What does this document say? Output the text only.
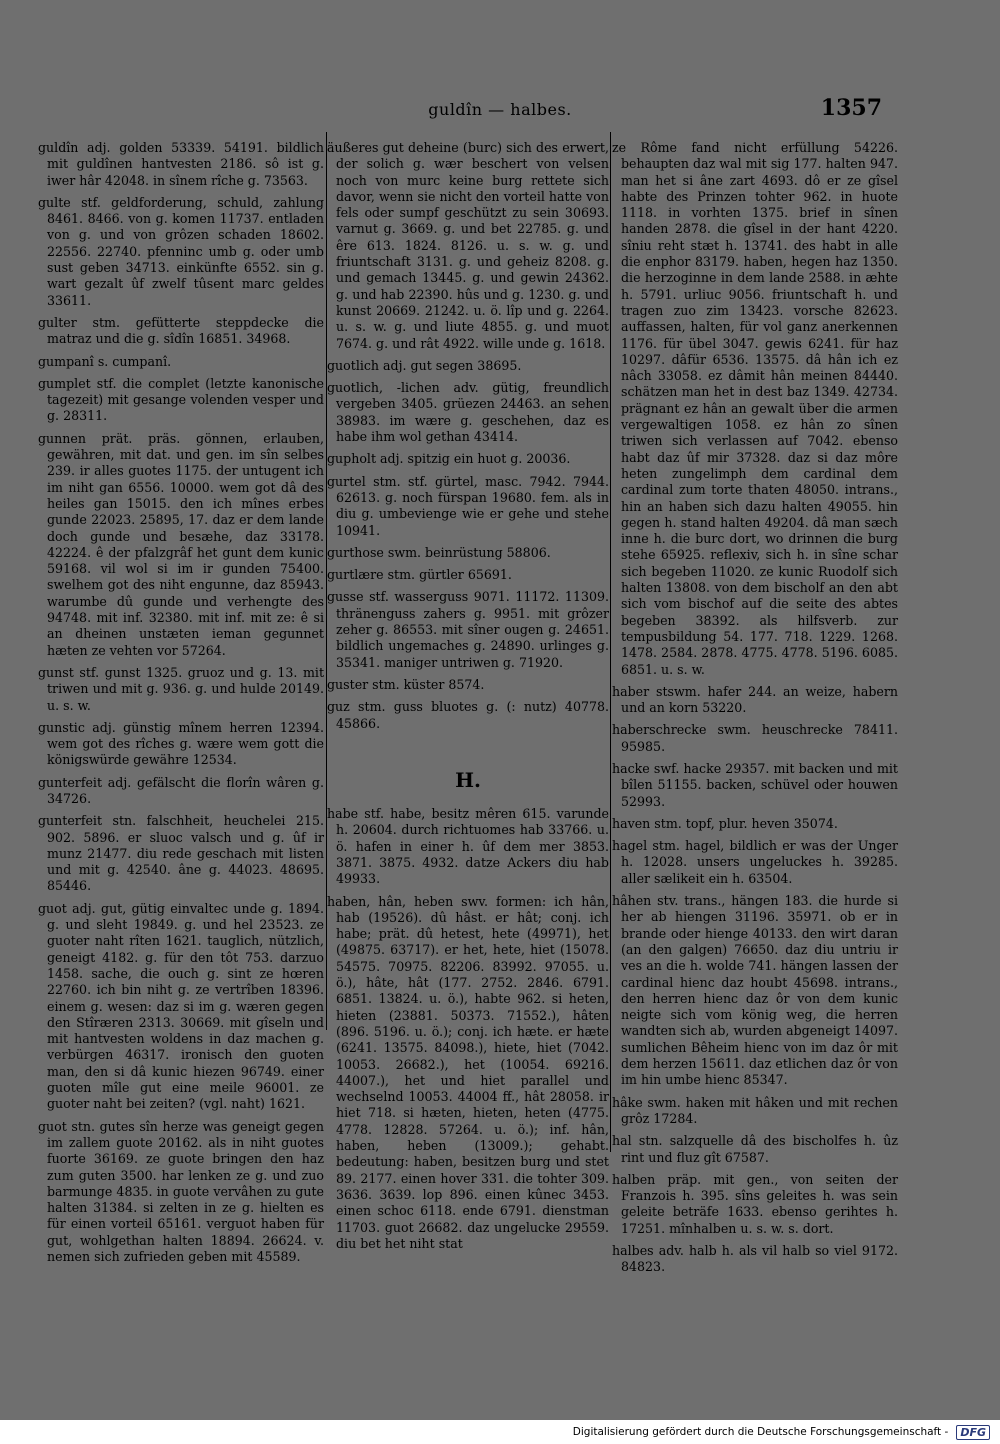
guldîn — halbes.	1357
guldîn adj. golden 53339. 54191. bildlich mit guldînen hantvesten 2186. sô ist g. iwer hâr 42048. in sînem rîche g. 73563.
gulte stf. geldforderung, schuld, zahlung 8461. 8466. von g. komen 11737. entladen von g. und von grôzen schaden 18602. 22556. 22740. pfenninc umb g. oder umb sust geben 34713. einkünfte 6552. sin g. wart gezalt ûf zwelf tûsent marc geldes 33611.
gulter stm. gefütterte steppdecke die matraz und die g. sîdîn 16851. 34968.
gumpanî s. cumpanî.
gumplet stf. die complet (letzte kanonische tagezeit) mit gesange volenden vesper und g. 28311.
gunnen prät. präs. gönnen, erlauben, gewähren, mit dat. und gen. im sîn selbes 239. ir alles guotes 1175. der untugent ich im niht gan 6556. 10000. wem got dâ des heiles gan 15015. den ich mînes erbes gunde 22023. 25895, 17. daz er dem lande doch gunde und besæhe, daz 33178. 42224. ê der pfalzgrâf het gunt dem kunic 59168. vil wol si im ir gunden 75400. swelhem got des niht engunne, daz 85943. warumbe dû gunde und verhengte des 94748. mit inf. 32380. mit inf. mit ze: ê si an dheinen unstæten ieman gegunnet hæten ze vehten vor 57264.
gunst stf. gunst 1325. gruoz und g. 13. mit triwen und mit g. 936. g. und hulde 20149. u. s. w.
gunstic adj. günstig mînem herren 12394. wem got des rîches g. wære wem gott die königswürde gewähre 12534.
gunterfeit adj. gefälscht die florîn wâren g. 34726.
gunterfeit stn. falschheit, heuchelei 215. 902. 5896. er sluoc valsch und g. ûf ir munz 21477. diu rede geschach mit listen und mit g. 42540. âne g. 44023. 48695. 85446.
guot adj. gut, gütig einvaltec unde g. 1894. g. und sleht 19849. g. und hel 23523. ze guoter naht rîten 1621. tauglich, nützlich, geneigt 4182. g. für den tôt 753. darzuo 1458. sache, die ouch g. sint ze hœren 22760. ich bin niht g. ze vertrîben 18396. einem g. wesen: daz si im g. wæren gegen den Stîræren 2313. 30669. mit gîseln und mit hantvesten woldens in daz machen g. verbürgen 46317. ironisch den guoten man, den si dâ kunic hiezen 96749. einer guoten mîle gut eine meile 96001. ze guoter naht bei zeiten? (vgl. naht) 1621.
guot stn. gutes sîn herze was geneigt gegen im zallem guote 20162. als in niht guotes fuorte 36169. ze guote bringen den haz zum guten 3500. har lenken ze g. und zuo barmunge 4835. in guote vervâhen zu gute halten 31384. si zelten in ze g. hielten es für einen vorteil 65161. verguot haben für gut, wohlgethan halten 18894. 26624. v. nemen sich zufrieden geben mit 45589.
äußeres gut deheine (burc) sich des erwert, der solich g. wær beschert von velsen noch von murc keine burg rettete sich davor, wenn sie nicht den vorteil hatte von fels oder sumpf geschützt zu sein 30693. varnut g. 3669. g. und bet 22785. g. und êre 613. 1824. 8126. u. s. w. g. und friuntschaft 3131. g. und geheiz 8208. g. und gemach 13445. g. und gewin 24362. g. und hab 22390. hûs und g. 1230. g. und kunst 20669. 21242. u. ö. lîp und g. 2264. u. s. w. g. und liute 4855. g. und muot 7674. g. und rât 4922. wille unde g. 1618.
guotlich adj. gut segen 38695.
guotlich, -lichen adv. gütig, freundlich vergeben 3405. grüezen 24463. an sehen 38983. im wære g. geschehen, daz es habe ihm wol gethan 43414.
gupholt adj. spitzig ein huot g. 20036.
gurtel stm. stf. gürtel, masc. 7942. 7944. 62613. g. noch fürspan 19680. fem. als in diu g. umbeviengе wie er gehe und stehe 10941.
gurthose swm. beinrüstung 58806.
gurtlære stm. gürtler 65691.
gusse stf. wasserguss 9071. 11172. 11309. thränenguss zahers g. 9951. mit grôzer zeher g. 86553. mit sîner ougen g. 24651. bildlich ungemaches g. 24890. urlinges g. 35341. maniger untriwen g. 71920.
guster stm. küster 8574.
guz stm. guss bluotes g. (: nutz) 40778. 45866.
H.
habe stf. habe, besitz mêren 615. varunde h. 20604. durch richtuomes hab 33766. u. ö. hafen in einer h. ûf dem mer 3853. 3871. 3875. 4932. datze Ackers diu hab 49933.
haben, hân, heben swv. formen: ich hân, hab (19526). dû hâst. er hât; conj. ich habe; prät. dû hetest, hete (49971), het (49875. 63717). er het, hete, hiet (15078. 54575. 70975. 82206. 83992. 97055. u. ö.), hâte, hât (177. 2752. 2846. 6791. 6851. 13824. u. ö.), habte 962. si heten, hieten (23881. 50373. 71552.), hâten (896. 5196. u. ö.); conj. ich hæte. er hæte (6241. 13575. 84098.), hiete, hiet (7042. 10053. 26682.), het (10054. 69216. 44007.), het und hiet parallel und wechselnd 10053. 44004 ff., hât 28058. ir hiet 718. si hæten, hieten, heten (4775. 4778. 12828. 57264. u. ö.); inf. hân, haben, heben (13009.); gehabt. bedeutung: haben, besitzen burg und stet 89. 2177. einen hover 331. die tohter 309. 3636. 3639. lop 896. einen kûnec 3453. einen schoc 6118. ende 6791. dienstman 11703. guot 26682. daz ungelucke 29559. diu bet het niht stat
ze Rôme fand nicht erfüllung 54226. behaupten daz wal mit sig 177. halten 947. man het si âne zart 4693. dô er ze gîsel habte des Prinzen tohter 962. in huote 1118. in vorhten 1375. brief in sînen handen 2878. die gîsel in der hant 4220. sîniu reht stæt h. 13741. des habt in alle die enphor 83179. haben, hegen haz 1350. die herzoginne in dem lande 2588. in æhte h. 5791. urliuc 9056. friuntschaft h. und tragen zuo zim 13423. vorsche 82623. auffassen, halten, für vol ganz anerkennen 1176. für übel 3047. gewis 6241. für haz 10297. dâfür 6536. 13575. dâ hân ich ez nâch 33058. ez dâmit hân meinen 84440. schätzen man het in dest baz 1349. 42734. prägnant ez hân an gewalt über die armen vergewaltigen 1058. ez hân zo sînen triwen sich verlassen auf 7042. ebenso habt daz ûf mir 37328. daz si daz môre heten zungelimph dem cardinal dem cardinal zum torte thaten 48050. intrans., hin an haben sich dazu halten 49055. hin gegen h. stand halten 49204. dâ man sæch inne h. die burc dort, wo drinnen die burg stehe 65925. reflexiv, sich h. in sîne schar sich begeben 11020. ze kunic Ruodolf sich halten 13808. von dem bischolf an den abt sich vom bischof auf die seite des abtes begeben 38392. als hilfsverb. zur tempusbildung 54. 177. 718. 1229. 1268. 1478. 2584. 2878. 4775. 4778. 5196. 6085. 6851. u. s. w.
haber stswm. hafer 244. an weize, habern und an korn 53220.
haberschrecke swm. heuschrecke 78411. 95985.
hacke swf. hacke 29357. mit backen und mit bîlen 51155. backen, schüvel oder houwen 52993.
haven stm. topf, plur. heven 35074.
hagel stm. hagel, bildlich er was der Unger h. 12028. unsers ungeluckes h. 39285. aller sælikeit ein h. 63504.
hâhen stv. trans., hängen 183. die hurde si her ab hiengen 31196. 35971. ob er in brande oder hienge 40133. den wirt daran (an den galgen) 76650. daz diu untriu ir ves an die h. wolde 741. hängen lassen der cardinal hienc daz houbt 45698. intrans., den herren hienc daz ôr von dem kunic neigte sich vom könig weg, die herren wandten sich ab, wurden abgeneigt 14097. sumlichen Bêheim hienc von im daz ôr mit dem herzen 15611. daz etlichen daz ôr von im hin umbe hienc 85347.
hâke swm. haken mit hâken und mit rechen grôz 17284.
hal stn. salzquelle dâ des bischolfes h. ûz rint und fluz gît 67587.
halben präp. mit gen., von seiten der Franzois h. 395. sîns geleites h. was sein geleite beträfe 1633. ebenso gerihtes h. 17251. mînhalben u. s. w. s. dort.
halbes adv. halb h. als vil halb so viel 9172. 84823.
Digitalisierung gefördert durch die Deutsche Forschungsgemeinschaft -	DFG
